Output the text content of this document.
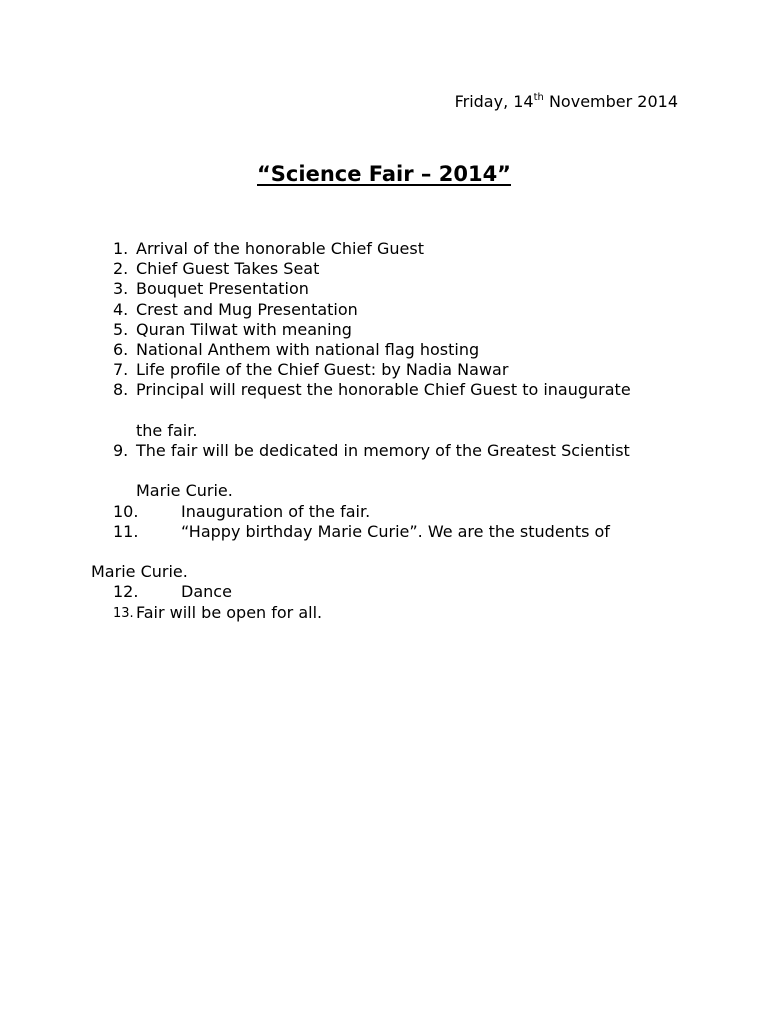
Friday, 14th November 2014
“Science Fair – 2014”
1. Arrival of the honorable Chief Guest
2. Chief Guest Takes Seat
3. Bouquet Presentation
4. Crest and Mug Presentation
5. Quran Tilwat with meaning
6. National Anthem with national flag hosting
7. Life profile of the Chief Guest: by Nadia Nawar
8. Principal will request the honorable Chief Guest to inaugurate
the fair.
9. The fair will be dedicated in memory of the Greatest Scientist
Marie Curie.
10.	Inauguration of the fair.
11.	“Happy birthday Marie Curie”. We are the students of
Marie Curie.
12.	Dance
13. Fair will be open for all.
